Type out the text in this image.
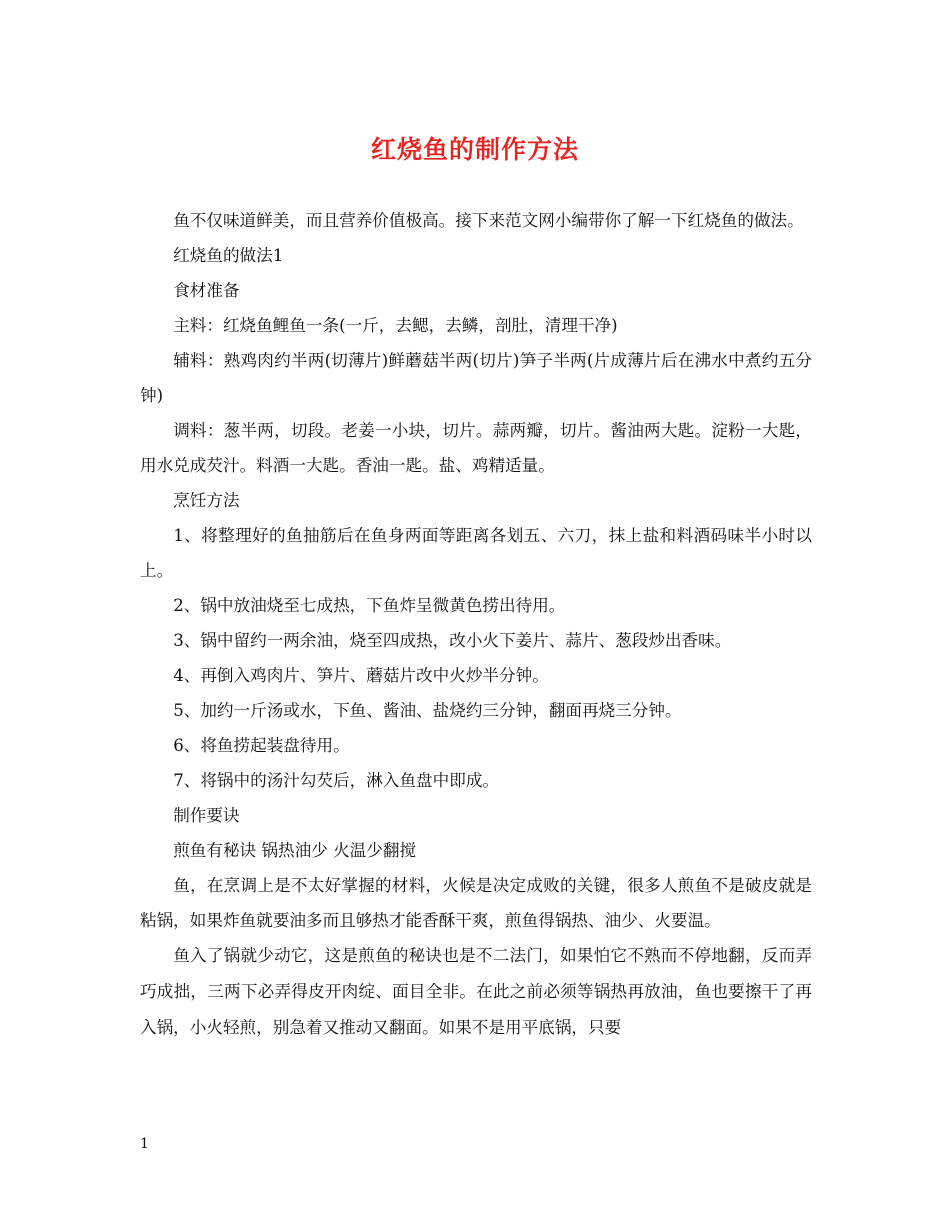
红烧鱼的制作方法

鱼不仅味道鲜美，而且营养价值极高。接下来范文网小编带你了解一下红烧鱼的做法。

红烧鱼的做法1

食材准备

主料：红烧鱼鲤鱼一条(一斤，去鳃，去鳞，剖肚，清理干净)

辅料：熟鸡肉约半两(切薄片)鲜蘑菇半两(切片)笋子半两(片成薄片后在沸水中煮约五分钟)

调料：葱半两，切段。老姜一小块，切片。蒜两瓣，切片。酱油两大匙。淀粉一大匙，用水兑成芡汁。料酒一大匙。香油一匙。盐、鸡精适量。

烹饪方法

1、将整理好的鱼抽筋后在鱼身两面等距离各划五、六刀，抹上盐和料酒码味半小时以上。

2、锅中放油烧至七成热，下鱼炸呈微黄色捞出待用。

3、锅中留约一两余油，烧至四成热，改小火下姜片、蒜片、葱段炒出香味。

4、再倒入鸡肉片、笋片、蘑菇片改中火炒半分钟。

5、加约一斤汤或水，下鱼、酱油、盐烧约三分钟，翻面再烧三分钟。

6、将鱼捞起装盘待用。

7、将锅中的汤汁勾芡后，淋入鱼盘中即成。

制作要诀

煎鱼有秘诀 锅热油少 火温少翻搅

鱼，在烹调上是不太好掌握的材料，火候是决定成败的关键，很多人煎鱼不是破皮就是粘锅，如果炸鱼就要油多而且够热才能香酥干爽，煎鱼得锅热、油少、火要温。

鱼入了锅就少动它，这是煎鱼的秘诀也是不二法门，如果怕它不熟而不停地翻，反而弄巧成拙，三两下必弄得皮开肉绽、面目全非。在此之前必须等锅热再放油，鱼也要擦干了再入锅，小火轻煎，别急着又推动又翻面。如果不是用平底锅，只要

1
